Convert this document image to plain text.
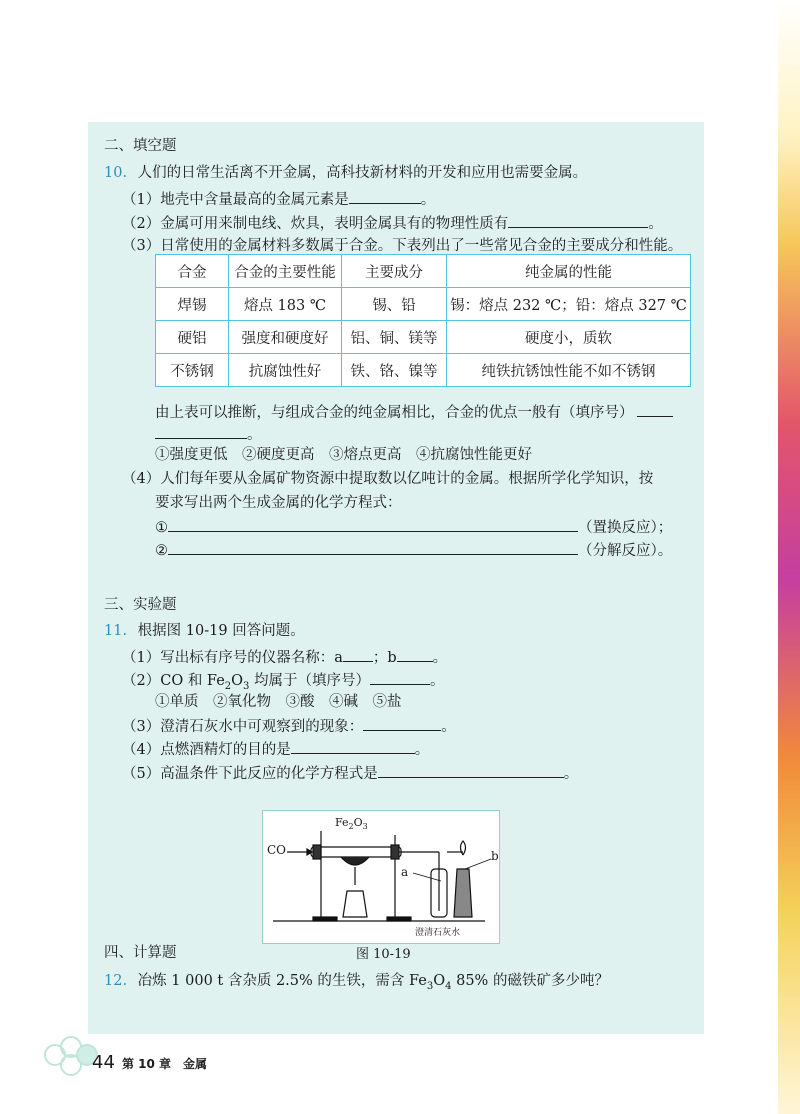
二、填空题
10. 人们的日常生活离不开金属，高科技新材料的开发和应用也需要金属。
（1）地壳中含量最高的金属元素是	。
（2）金属可用来制电线、炊具，表明金属具有的物理性质有	。
（3）日常使用的金属材料多数属于合金。下表列出了一些常见合金的主要成分和性能。
合金	合金的主要性能	主要成分	纯金属的性能
焊锡	熔点 183 ℃	锡、铅	锡：熔点 232 ℃；铅：熔点 327 ℃
硬铝	强度和硬度好	铝、铜、镁等	硬度小，质软
不锈钢	抗腐蚀性好	铁、铬、镍等	纯铁抗锈蚀性能不如不锈钢
由上表可以推断，与组成合金的纯金属相比，合金的优点一般有（填序号）
。
①强度更低　②硬度更高　③熔点更高　④抗腐蚀性能更好
（4）人们每年要从金属矿物资源中提取数以亿吨计的金属。根据所学化学知识，按
要求写出两个生成金属的化学方程式：
①	（置换反应）；
②	（分解反应）。
三、实验题
11. 根据图 10-19 回答问题。
（1）写出标有序号的仪器名称：a ；b 。
（2）CO 和 $Fe_2O_3$ 均属于（填序号）	。
①单质　②氧化物　③酸　④碱　⑤盐
（3）澄清石灰水中可观察到的现象：	。
（4）点燃酒精灯的目的是	。
（5）高温条件下此反应的化学方程式是	。
CO
$Fe_2O_3$
a
b
澄清石灰水
图 10-19
四、计算题
12. 冶炼 1 000 t 含杂质 2.5% 的生铁，需含 $Fe_3O_4$ 85% 的磁铁矿多少吨？
44 第 10 章　金属
